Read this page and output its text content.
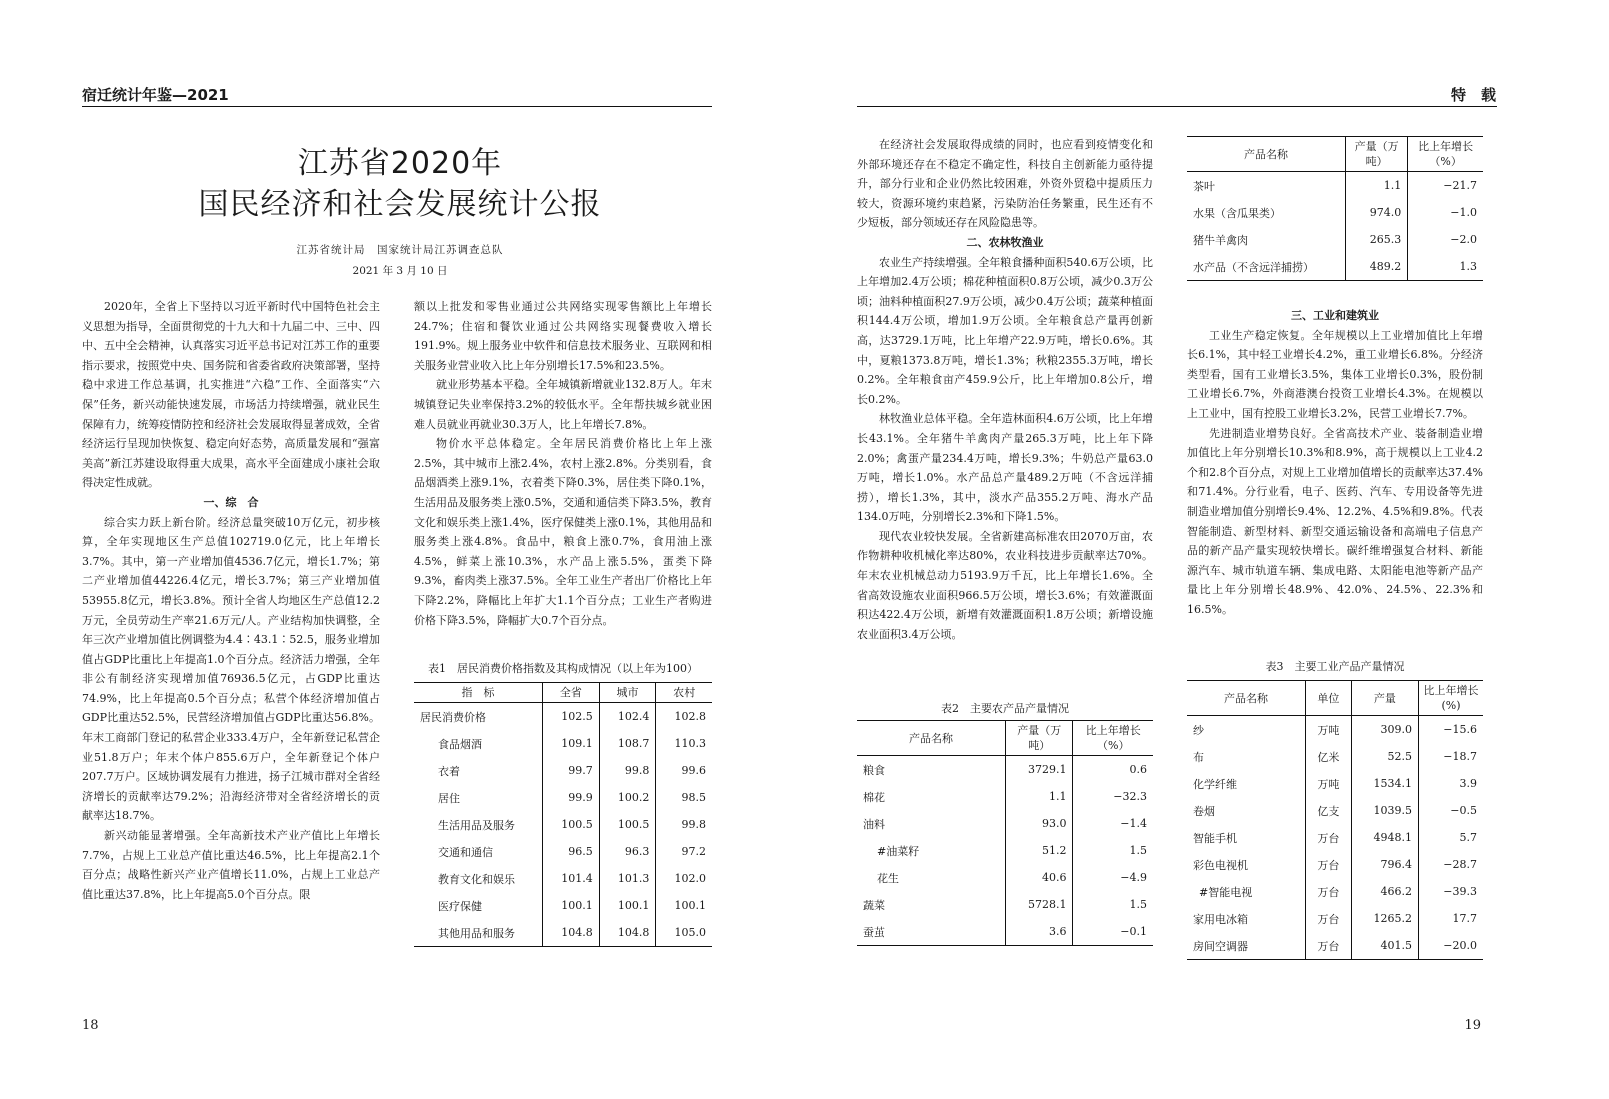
宿迁统计年鉴—2021
江苏省2020年
国民经济和社会发展统计公报
江苏省统计局　国家统计局江苏调查总队
2021 年 3 月 10 日

2020年，全省上下坚持以习近平新时代中国特色社会主义思想为指导，全面贯彻党的十九大和十九届二中、三中、四中、五中全会精神，认真落实习近平总书记对江苏工作的重要指示要求，按照党中央、国务院和省委省政府决策部署，坚持稳中求进工作总基调，扎实推进“六稳”工作、全面落实“六保”任务，新兴动能快速发展，市场活力持续增强，就业民生保障有力，统筹疫情防控和经济社会发展取得显著成效，全省经济运行呈现加快恢复、稳定向好态势，高质量发展和“强富美高”新江苏建设取得重大成果，高水平全面建成小康社会取得决定性成就。

一、综　合

综合实力跃上新台阶。经济总量突破10万亿元，初步核算，全年实现地区生产总值102719.0亿元，比上年增长3.7%。其中，第一产业增加值4536.7亿元，增长1.7%；第二产业增加值44226.4亿元，增长3.7%；第三产业增加值53955.8亿元，增长3.8%。预计全省人均地区生产总值12.2万元，全员劳动生产率21.6万元/人。产业结构加快调整，全年三次产业增加值比例调整为4.4∶43.1∶52.5，服务业增加值占GDP比重比上年提高1.0个百分点。经济活力增强，全年非公有制经济实现增加值76936.5亿元，占GDP比重达74.9%，比上年提高0.5个百分点；私营个体经济增加值占GDP比重达52.5%，民营经济增加值占GDP比重达56.8%。年末工商部门登记的私营企业333.4万户，全年新登记私营企业51.8万户；年末个体户855.6万户，全年新登记个体户207.7万户。区域协调发展有力推进，扬子江城市群对全省经济增长的贡献率达79.2%；沿海经济带对全省经济增长的贡献率达18.7%。

新兴动能显著增强。全年高新技术产业产值比上年增长7.7%，占规上工业总产值比重达46.5%，比上年提高2.1个百分点；战略性新兴产业产值增长11.0%，占规上工业总产值比重达37.8%，比上年提高5.0个百分点。限

额以上批发和零售业通过公共网络实现零售额比上年增长24.7%；住宿和餐饮业通过公共网络实现餐费收入增长191.9%。规上服务业中软件和信息技术服务业、互联网和相关服务业营业收入比上年分别增长17.5%和23.5%。

就业形势基本平稳。全年城镇新增就业132.8万人。年末城镇登记失业率保持3.2%的较低水平。全年帮扶城乡就业困难人员就业再就业30.3万人，比上年增长7.8%。

物价水平总体稳定。全年居民消费价格比上年上涨2.5%，其中城市上涨2.4%，农村上涨2.8%。分类别看，食品烟酒类上涨9.1%，衣着类下降0.3%，居住类下降0.1%，生活用品及服务类上涨0.5%，交通和通信类下降3.5%，教育文化和娱乐类上涨1.4%，医疗保健类上涨0.1%，其他用品和服务类上涨4.8%。食品中，粮食上涨0.7%，食用油上涨4.5%，鲜菜上涨10.3%，水产品上涨5.5%，蛋类下降9.3%，畜肉类上涨37.5%。全年工业生产者出厂价格比上年下降2.2%，降幅比上年扩大1.1个百分点；工业生产者购进价格下降3.5%，降幅扩大0.7个百分点。

表1　居民消费价格指数及其构成情况（以上年为100）
指　标	全省	城市	农村
居民消费价格	102.5	102.4	102.8
食品烟酒	109.1	108.7	110.3
衣着	99.7	99.8	99.6
居住	99.9	100.2	98.5
生活用品及服务	100.5	100.5	99.8
交通和通信	96.5	96.3	97.2
教育文化和娱乐	101.4	101.3	102.0
医疗保健	100.1	100.1	100.1
其他用品和服务	104.8	104.8	105.0
18
特　载

在经济社会发展取得成绩的同时，也应看到疫情变化和外部环境还存在不稳定不确定性，科技自主创新能力亟待提升，部分行业和企业仍然比较困难，外资外贸稳中提质压力较大，资源环境约束趋紧，污染防治任务繁重，民生还有不少短板，部分领域还存在风险隐患等。

二、农林牧渔业

农业生产持续增强。全年粮食播种面积540.6万公顷，比上年增加2.4万公顷；棉花种植面积0.8万公顷，减少0.3万公顷；油料种植面积27.9万公顷，减少0.4万公顷；蔬菜种植面积144.4万公顷，增加1.9万公顷。全年粮食总产量再创新高，达3729.1万吨，比上年增产22.9万吨，增长0.6%。其中，夏粮1373.8万吨，增长1.3%；秋粮2355.3万吨，增长0.2%。全年粮食亩产459.9公斤，比上年增加0.8公斤，增长0.2%。

林牧渔业总体平稳。全年造林面积4.6万公顷，比上年增长43.1%。全年猪牛羊禽肉产量265.3万吨，比上年下降2.0%；禽蛋产量234.4万吨，增长9.3%；牛奶总产量63.0万吨，增长1.0%。水产品总产量489.2万吨（不含远洋捕捞），增长1.3%，其中，淡水产品355.2万吨、海水产品134.0万吨，分别增长2.3%和下降1.5%。

现代农业较快发展。全省新建高标准农田2070万亩，农作物耕种收机械化率达80%，农业科技进步贡献率达70%。年末农业机械总动力5193.9万千瓦，比上年增长1.6%。全省高效设施农业面积966.5万公顷，增长3.6%；有效灌溉面积达422.4万公顷，新增有效灌溉面积1.8万公顷；新增设施农业面积3.4万公顷。

表2　主要农产品产量情况
产品名称	产量（万吨）	比上年增长（%）
粮食	3729.1	0.6
棉花	1.1	−32.3
油料	93.0	−1.4
#油菜籽	51.2	1.5
花生	40.6	−4.9
蔬菜	5728.1	1.5
蚕茧	3.6	−0.1
产品名称	产量（万吨）	比上年增长（%）
茶叶	1.1	−21.7
水果（含瓜果类）	974.0	−1.0
猪牛羊禽肉	265.3	−2.0
水产品（不含远洋捕捞）	489.2	1.3

三、工业和建筑业

工业生产稳定恢复。全年规模以上工业增加值比上年增长6.1%，其中轻工业增长4.2%，重工业增长6.8%。分经济类型看，国有工业增长3.5%，集体工业增长0.3%，股份制工业增长6.7%，外商港澳台投资工业增长4.3%。在规模以上工业中，国有控股工业增长3.2%，民营工业增长7.7%。

先进制造业增势良好。全省高技术产业、装备制造业增加值比上年分别增长10.3%和8.9%，高于规模以上工业4.2个和2.8个百分点，对规上工业增加值增长的贡献率达37.4%和71.4%。分行业看，电子、医药、汽车、专用设备等先进制造业增加值分别增长9.4%、12.2%、4.5%和9.8%。代表智能制造、新型材料、新型交通运输设备和高端电子信息产品的新产品产量实现较快增长。碳纤维增强复合材料、新能源汽车、城市轨道车辆、集成电路、太阳能电池等新产品产量比上年分别增长48.9%、42.0%、24.5%、22.3%和16.5%。

表3　主要工业产品产量情况
产品名称	单位	产量	比上年增长(%)
纱	万吨	309.0	−15.6
布	亿米	52.5	−18.7
化学纤维	万吨	1534.1	3.9
卷烟	亿支	1039.5	−0.5
智能手机	万台	4948.1	5.7
彩色电视机	万台	796.4	−28.7
#智能电视	万台	466.2	−39.3
家用电冰箱	万台	1265.2	17.7
房间空调器	万台	401.5	−20.0
19
